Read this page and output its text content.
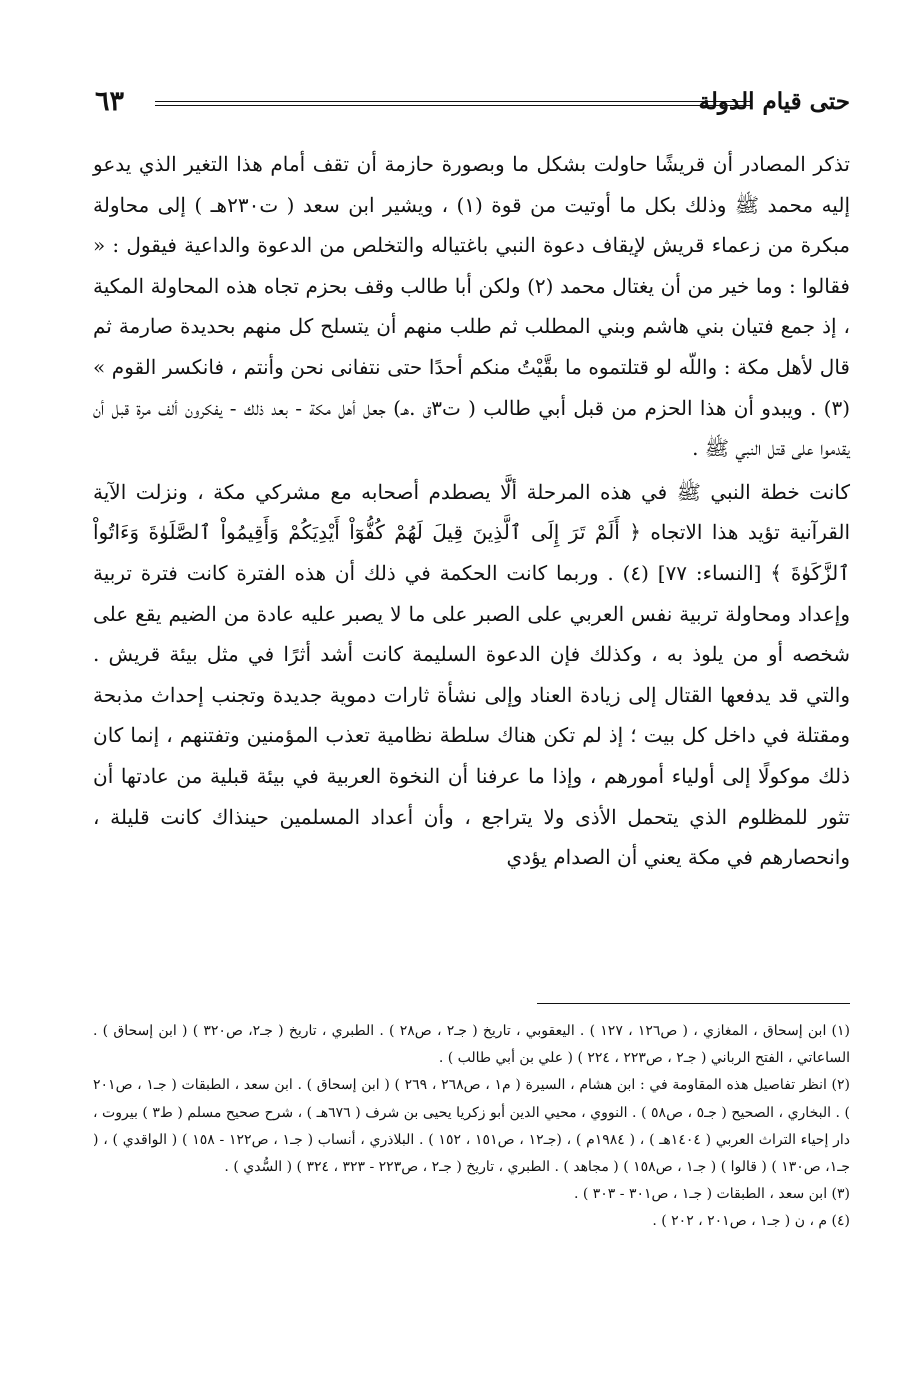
حتى قيام الدولة
٦٣

تذكر المصادر أن قريشًا حاولت بشكل ما وبصورة حازمة أن تقف أمام هذا التغير الذي يدعو إليه محمد ﷺ وذلك بكل ما أوتيت من قوة (١) ، ويشير ابن سعد ( ت٢٣٠هـ ) إلى محاولة مبكرة من زعماء قريش لإيقاف دعوة النبي باغتياله والتخلص من الدعوة والداعية فيقول : « فقالوا : وما خير من أن يغتال محمد (٢) ولكن أبا طالب وقف بحزم تجاه هذه المحاولة المكية ، إذ جمع فتيان بني هاشم وبني المطلب ثم طلب منهم أن يتسلح كل منهم بحديدة صارمة ثم قال لأهل مكة : واللّه لو قتلتموه ما بقَّيْتُ منكم أحدًا حتى نتفانى نحن وأنتم ، فانكسر القوم » (٣) . ويبدو أن هذا الحزم من قبل أبي طالب ( ت٣ق .هـ) جعل أهل مكة - بعد ذلك - يفكرون ألف مرة قبل أن يقدموا على قتل النبي ﷺ .

كانت خطة النبي ﷺ في هذه المرحلة ألَّا يصطدم أصحابه مع مشركي مكة ، ونزلت الآية القرآنية تؤيد هذا الاتجاه ﴿ أَلَمْ تَرَ إِلَى ٱلَّذِينَ قِيلَ لَهُمْ كُفُّوٓاْ أَيْدِيَكُمْ وَأَقِيمُواْ ٱلصَّلَوٰةَ وَءَاتُواْ ٱلزَّكَوٰةَ ﴾ [النساء: ٧٧] (٤) . وربما كانت الحكمة في ذلك أن هذه الفترة كانت فترة تربية وإعداد ومحاولة تربية نفس العربي على الصبر على ما لا يصبر عليه عادة من الضيم يقع على شخصه أو من يلوذ به ، وكذلك فإن الدعوة السليمة كانت أشد أثرًا في مثل بيئة قريش . والتي قد يدفعها القتال إلى زيادة العناد وإلى نشأة ثارات دموية جديدة وتجنب إحداث مذبحة ومقتلة في داخل كل بيت ؛ إذ لم تكن هناك سلطة نظامية تعذب المؤمنين وتفتنهم ، إنما كان ذلك موكولًا إلى أولياء أمورهم ، وإذا ما عرفنا أن النخوة العربية في بيئة قبلية من عادتها أن تثور للمظلوم الذي يتحمل الأذى ولا يتراجع ، وأن أعداد المسلمين حينذاك كانت قليلة ، وانحصارهم في مكة يعني أن الصدام يؤدي

(١) ابن إسحاق ، المغازي ، ( ص١٢٦ ، ١٢٧ ) . اليعقوبي ، تاريخ ( جـ٢ ، ص٢٨ ) . الطبري ، تاريخ ( جـ٢، ص٣٢٠ ) ( ابن إسحاق ) . الساعاتي ، الفتح الرباني ( جـ٢ ، ص٢٢٣ ، ٢٢٤ ) ( علي بن أبي طالب ) .

(٢) انظر تفاصيل هذه المقاومة في : ابن هشام ، السيرة ( م١ ، ص٢٦٨ ، ٢٦٩ ) ( ابن إسحاق ) . ابن سعد ، الطبقات ( جـ١ ، ص٢٠١ ) . البخاري ، الصحيح ( جـ٥ ، ص٥٨ ) . النووي ، محيي الدين أبو زكريا يحيى بن شرف ( ٦٧٦هـ ) ، شرح صحيح مسلم ( ط٣ ) بيروت ، دار إحياء التراث العربي ( ١٤٠٤هـ ) ، ( ١٩٨٤م ) ، (جـ١٢ ، ص١٥١ ، ١٥٢ ) . البلاذري ، أنساب ( جـ١ ، ص١٢٢ - ١٥٨ ) ( الواقدي ) ، ( جـ١، ص١٣٠ ) ( قالوا ) ( جـ١ ، ص١٥٨ ) ( مجاهد ) . الطبري ، تاريخ ( جـ٢ ، ص٢٢٣ - ٣٢٣ ، ٣٢٤ ) ( السُّدي ) .

(٣) ابن سعد ، الطبقات ( جـ١ ، ص٣٠١ - ٣٠٣ ) .

(٤) م ، ن ( جـ١ ، ص٢٠١ ، ٢٠٢ ) .
